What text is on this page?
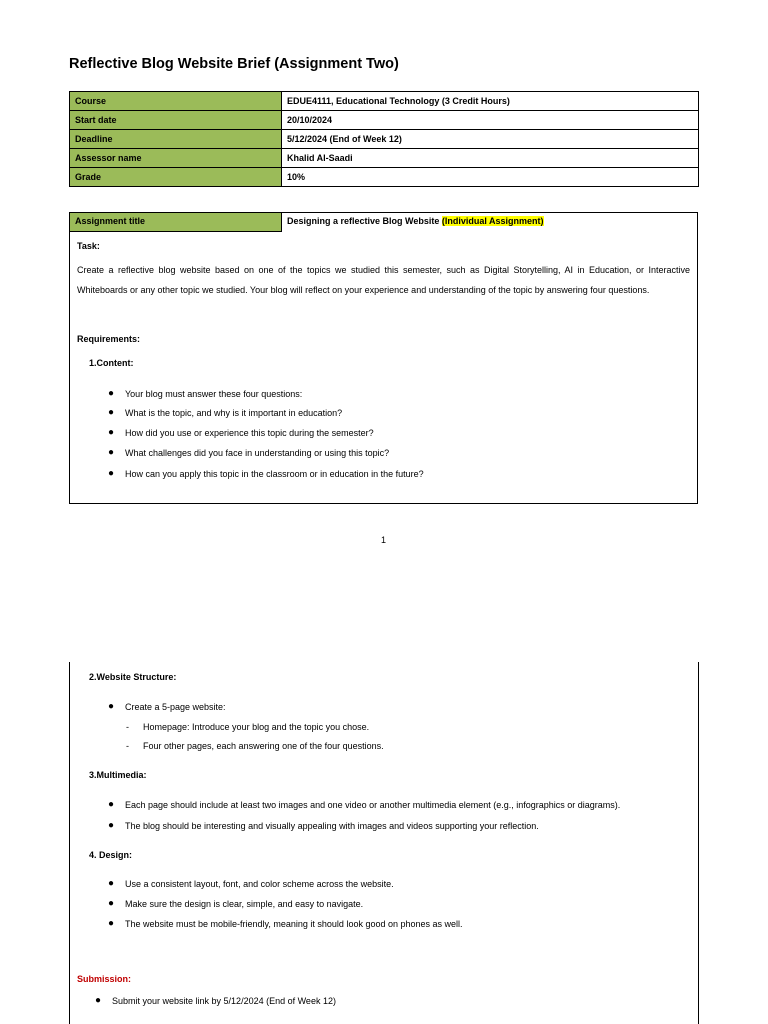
Reflective Blog Website Brief (Assignment Two)
Course	EDUE4111, Educational Technology (3 Credit Hours)
Start date	20/10/2024
Deadline	5/12/2024 (End of Week 12)
Assessor name	Khalid Al-Saadi
Grade	10%
Assignment title	Designing a reflective Blog Website (Individual Assignment)
Task:
Create a reflective blog website based on one of the topics we studied this semester, such as Digital Storytelling, AI in Education, or Interactive Whiteboards or any other topic we studied. Your blog will reflect on your experience and understanding of the topic by answering four questions.
Requirements:
1.Content:
● Your blog must answer these four questions:
● What is the topic, and why is it important in education?
● How did you use or experience this topic during the semester?
● What challenges did you face in understanding or using this topic?
● How can you apply this topic in the classroom or in education in the future?
1
2.Website Structure:
● Create a 5-page website:
- Homepage: Introduce your blog and the topic you chose.
- Four other pages, each answering one of the four questions.
3.Multimedia:
● Each page should include at least two images and one video or another multimedia element (e.g., infographics or diagrams).
● The blog should be interesting and visually appealing with images and videos supporting your reflection.
4. Design:
● Use a consistent layout, font, and color scheme across the website.
● Make sure the design is clear, simple, and easy to navigate.
● The website must be mobile-friendly, meaning it should look good on phones as well.
Submission:
● Submit your website link by 5/12/2024 (End of Week 12)
